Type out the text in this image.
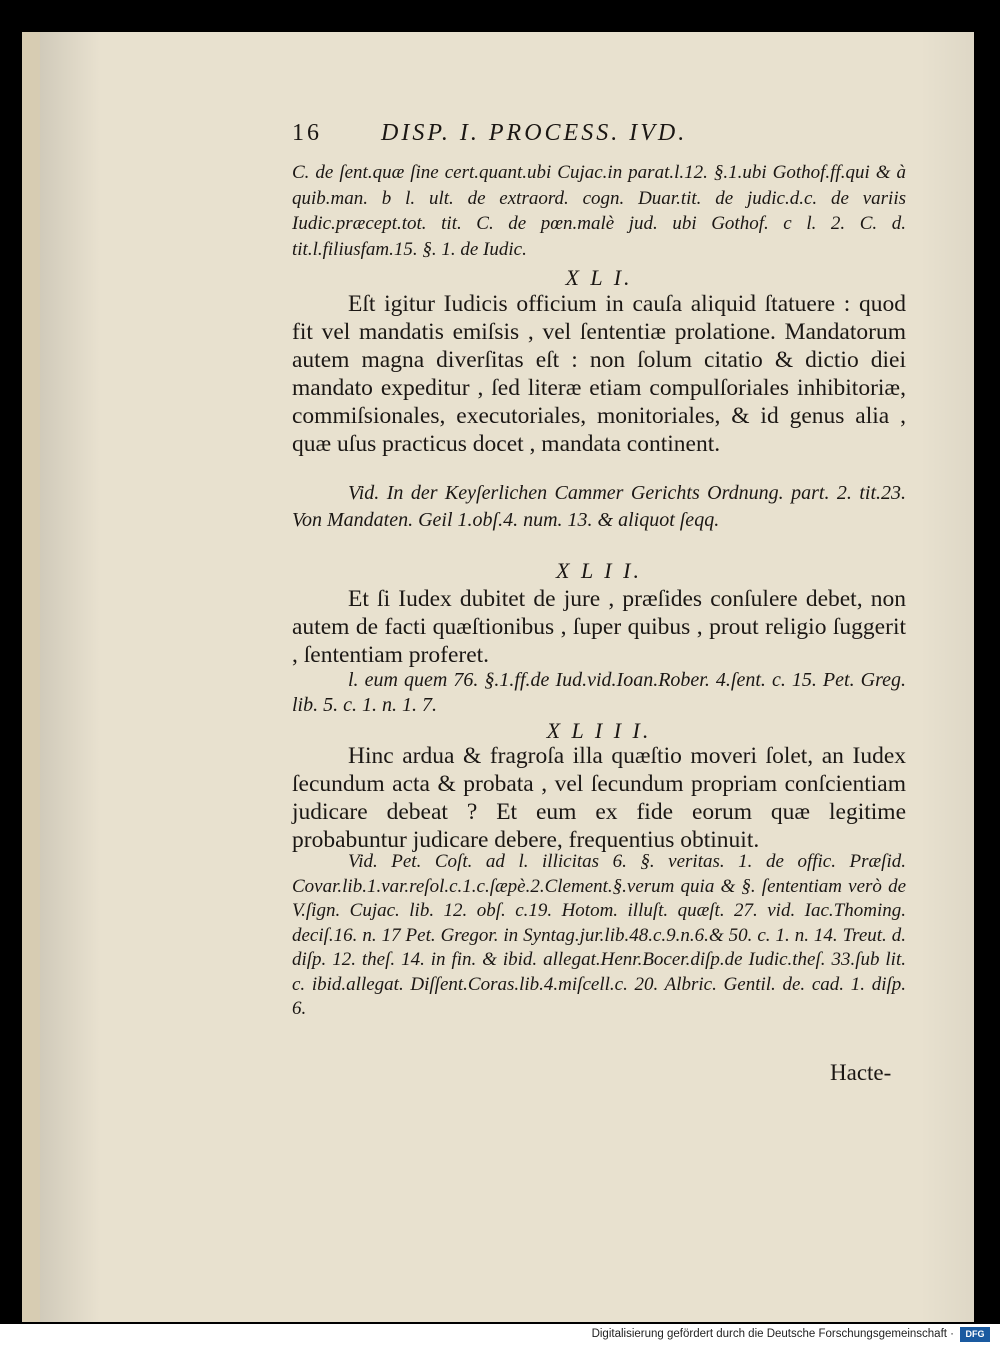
16 DISP. I. PROCESS. IVD.

C. de ſent.quæ ſine cert.quant.ubi Cujac.in parat.l.12. §.1.ubi Gothof.ff.qui & à quib.man. b l. ult. de extraord. cogn. Duar.tit. de judic.d.c. de variis Iudic.præcept.tot. tit. C. de pœn.malè jud. ubi Gothof. c l. 2. C. d. tit.l.filiusfam.15. §. 1. de Iudic.

X L I.

Eſt igitur Iudicis officium in cauſa aliquid ſtatuere : quod fit vel mandatis emiſsis , vel ſententiæ prolatione. Mandatorum autem magna diverſitas eſt : non ſolum citatio & dictio diei mandato expeditur , ſed literæ etiam compulſoriales inhibitoriæ, commiſsionales, executoriales, monitoriales, & id genus alia , quæ uſus practicus docet , mandata continent.

Vid. In der Keyſerlichen Cammer Gerichts Ordnung. part. 2. tit.23. Von Mandaten. Geil 1.obſ.4. num. 13. & aliquot ſeqq.

X L I I.

Et ſi Iudex dubitet de jure , præſides conſulere debet, non autem de facti quæſtionibus , ſuper quibus , prout religio ſuggerit , ſententiam proferet.

l. eum quem 76. §.1.ff.de Iud.vid.Ioan.Rober. 4.ſent. c. 15. Pet. Greg. lib. 5. c. 1. n. 1. 7.

X L I I I.

Hinc ardua & fragroſa illa quæſtio moveri ſolet, an Iudex ſecundum acta & probata , vel ſecundum propriam conſcientiam judicare debeat ? Et eum ex fide eorum quæ legitime probabuntur judicare debere, frequentius obtinuit.

Vid. Pet. Coſt. ad l. illicitas 6. §. veritas. 1. de offic. Præſid. Covar.lib.1.var.reſol.c.1.c.ſæpè.2.Clement.§.verum quia & §. ſententiam verò de V.ſign. Cujac. lib. 12. obſ. c.19. Hotom. illuſt. quæſt. 27. vid. Iac.Thoming. deciſ.16. n. 17 Pet. Gregor. in Syntag.jur.lib.48.c.9.n.6.& 50. c. 1. n. 14. Treut. d. diſp. 12. theſ. 14. in fin. & ibid. allegat.Henr.Bocer.diſp.de Iudic.theſ. 33.ſub lit. c. ibid.allegat. Diſſent.Coras.lib.4.miſcell.c. 20. Albric. Gentil. de. cad. 1. diſp. 6.

Hacte-
Digitalisierung gefördert durch die Deutsche Forschungsgemeinschaft ·	DFG
